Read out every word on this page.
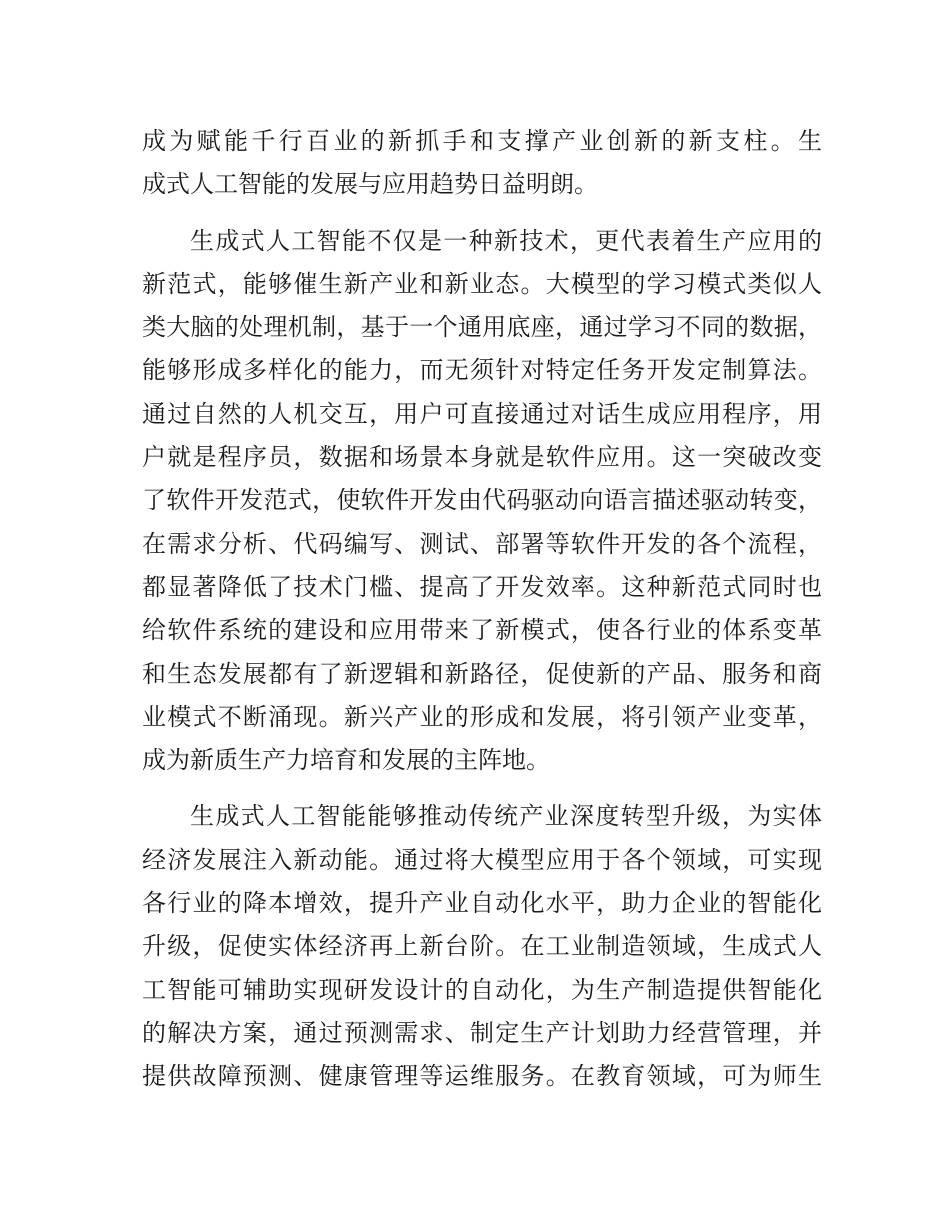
成为赋能千行百业的新抓手和支撑产业创新的新支柱。生
成式人工智能的发展与应用趋势日益明朗。

生成式人工智能不仅是一种新技术，更代表着生产应用的
新范式，能够催生新产业和新业态。大模型的学习模式类似人
类大脑的处理机制，基于一个通用底座，通过学习不同的数据，
能够形成多样化的能力，而无须针对特定任务开发定制算法。
通过自然的人机交互，用户可直接通过对话生成应用程序，用
户就是程序员，数据和场景本身就是软件应用。这一突破改变
了软件开发范式，使软件开发由代码驱动向语言描述驱动转变，
在需求分析、代码编写、测试、部署等软件开发的各个流程，
都显著降低了技术门槛、提高了开发效率。这种新范式同时也
给软件系统的建设和应用带来了新模式，使各行业的体系变革
和生态发展都有了新逻辑和新路径，促使新的产品、服务和商
业模式不断涌现。新兴产业的形成和发展，将引领产业变革，
成为新质生产力培育和发展的主阵地。

生成式人工智能能够推动传统产业深度转型升级，为实体
经济发展注入新动能。通过将大模型应用于各个领域，可实现
各行业的降本增效，提升产业自动化水平，助力企业的智能化
升级，促使实体经济再上新台阶。在工业制造领域，生成式人
工智能可辅助实现研发设计的自动化，为生产制造提供智能化
的解决方案，通过预测需求、制定生产计划助力经营管理，并
提供故障预测、健康管理等运维服务。在教育领域，可为师生
